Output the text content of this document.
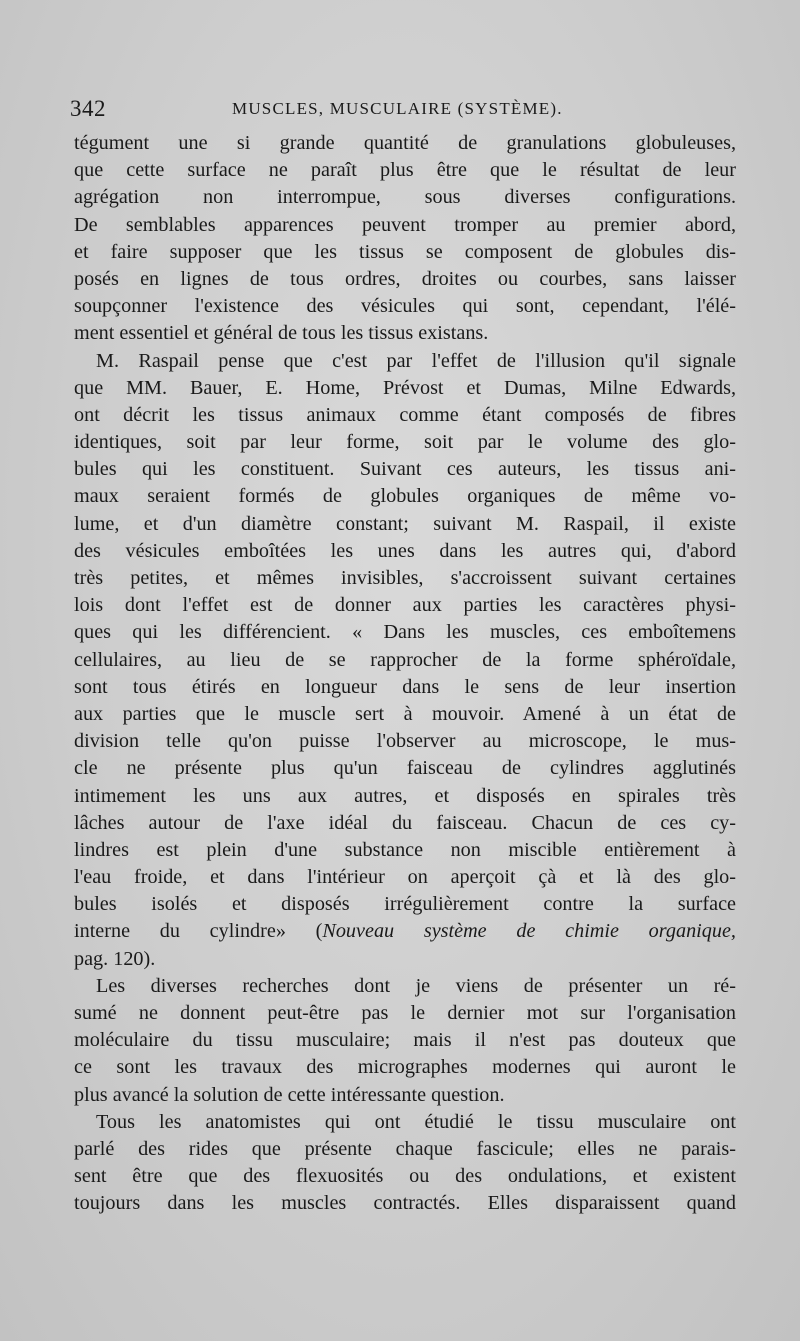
342	MUSCLES, MUSCULAIRE (SYSTÈME).
tégument une si grande quantité de granulations globuleuses,
que cette surface ne paraît plus être que le résultat de leur
agrégation non interrompue, sous diverses configurations.
De semblables apparences peuvent tromper au premier abord,
et faire supposer que les tissus se composent de globules dis-
posés en lignes de tous ordres, droites ou courbes, sans laisser
soupçonner l'existence des vésicules qui sont, cependant, l'élé-
ment essentiel et général de tous les tissus existans.
M. Raspail pense que c'est par l'effet de l'illusion qu'il signale
que MM. Bauer, E. Home, Prévost et Dumas, Milne Edwards,
ont décrit les tissus animaux comme étant composés de fibres
identiques, soit par leur forme, soit par le volume des glo-
bules qui les constituent. Suivant ces auteurs, les tissus ani-
maux seraient formés de globules organiques de même vo-
lume, et d'un diamètre constant; suivant M. Raspail, il existe
des vésicules emboîtées les unes dans les autres qui, d'abord
très petites, et mêmes invisibles, s'accroissent suivant certaines
lois dont l'effet est de donner aux parties les caractères physi-
ques qui les différencient. « Dans les muscles, ces emboîtemens
cellulaires, au lieu de se rapprocher de la forme sphéroïdale,
sont tous étirés en longueur dans le sens de leur insertion
aux parties que le muscle sert à mouvoir. Amené à un état de
division telle qu'on puisse l'observer au microscope, le mus-
cle ne présente plus qu'un faisceau de cylindres agglutinés
intimement les uns aux autres, et disposés en spirales très
lâches autour de l'axe idéal du faisceau. Chacun de ces cy-
lindres est plein d'une substance non miscible entièrement à
l'eau froide, et dans l'intérieur on aperçoit çà et là des glo-
bules isolés et disposés irrégulièrement contre la surface
interne du cylindre» (Nouveau système de chimie organique,
pag. 120).
Les diverses recherches dont je viens de présenter un ré-
sumé ne donnent peut-être pas le dernier mot sur l'organisation
moléculaire du tissu musculaire; mais il n'est pas douteux que
ce sont les travaux des micrographes modernes qui auront le
plus avancé la solution de cette intéressante question.
Tous les anatomistes qui ont étudié le tissu musculaire ont
parlé des rides que présente chaque fascicule; elles ne parais-
sent être que des flexuosités ou des ondulations, et existent
toujours dans les muscles contractés. Elles disparaissent quand
